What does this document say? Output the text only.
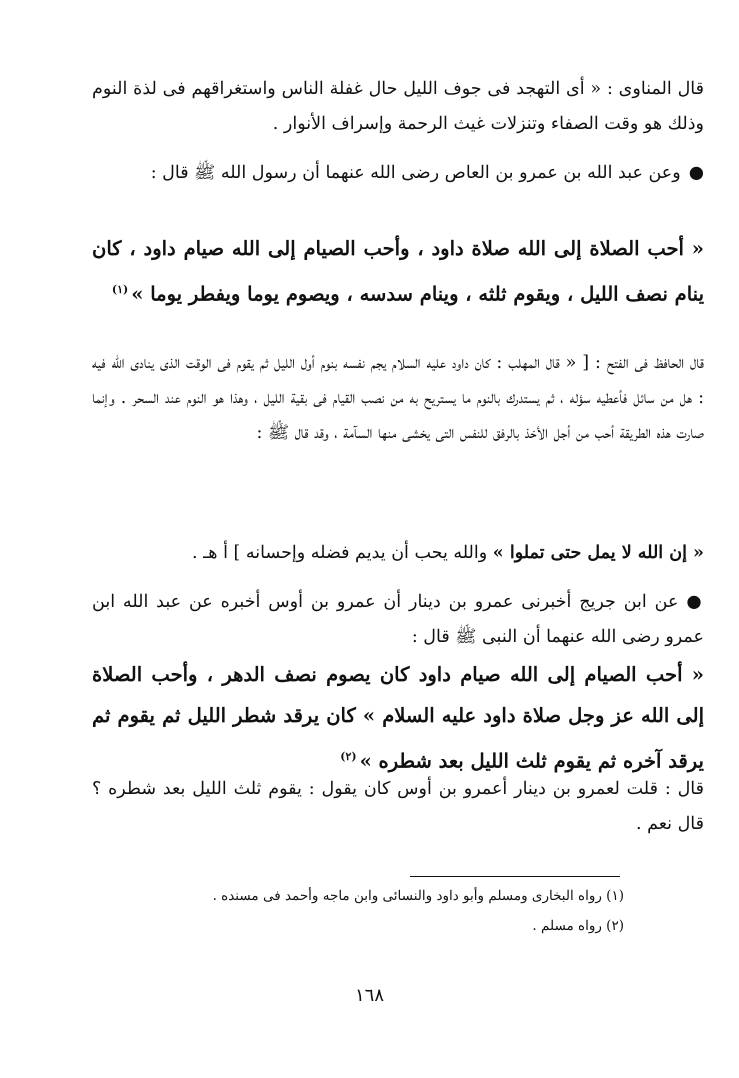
قال المناوى : « أى التهجد فى جوف الليل حال غفلة الناس واستغراقهم فى لذة النوم وذلك هو وقت الصفاء وتنزلات غيث الرحمة وإسراف الأنوار .

●وعن عبد الله بن عمرو بن العاص رضى الله عنهما أن رسول الله ﷺ قال :

« أحب الصلاة إلى الله صلاة داود ، وأحب الصيام إلى الله صيام داود ، كان ينام نصف الليل ، ويقوم ثلثه ، وينام سدسه ، ويصوم يوما ويفطر يوما »$^{(١)}$

قال الحافظ فى الفتح : [ « قال المهلب : كان داود عليه السلام يجم نفسه بنوم أول الليل ثم يقوم فى الوقت الذى ينادى الله فيه : هل من سائل فأعطيه سؤله ، ثم يستدرك بالنوم ما يستريح به من نصب القيام فى بقية الليل ، وهذا هو النوم عند السحر . وإنما صارت هذه الطريقة أحب من أجل الأخذ بالرفق للنفس التى يخشى منها السآمة ، وقد قال ﷺ :

« إن الله لا يمل حتى تملوا » والله يحب أن يديم فضله وإحسانه ] أ هـ .

●عن ابن جريج أخبرنى عمرو بن دينار أن عمرو بن أوس أخبره عن عبد الله ابن عمرو رضى الله عنهما أن النبى ﷺ قال :

« أحب الصيام إلى الله صيام داود كان يصوم نصف الدهر ، وأحب الصلاة إلى الله عز وجل صلاة داود عليه السلام » كان يرقد شطر الليل ثم يقوم ثم يرقد آخره ثم يقوم ثلث الليل بعد شطره »$^{(٢)}$

قال : قلت لعمرو بن دينار أعمرو بن أوس كان يقول : يقوم ثلث الليل بعد شطره ؟ قال نعم .

(١) رواه البخارى ومسلم وأبو داود والنسائى وابن ماجه وأحمد فى مسنده .

(٢) رواه مسلم .

١٦٨
